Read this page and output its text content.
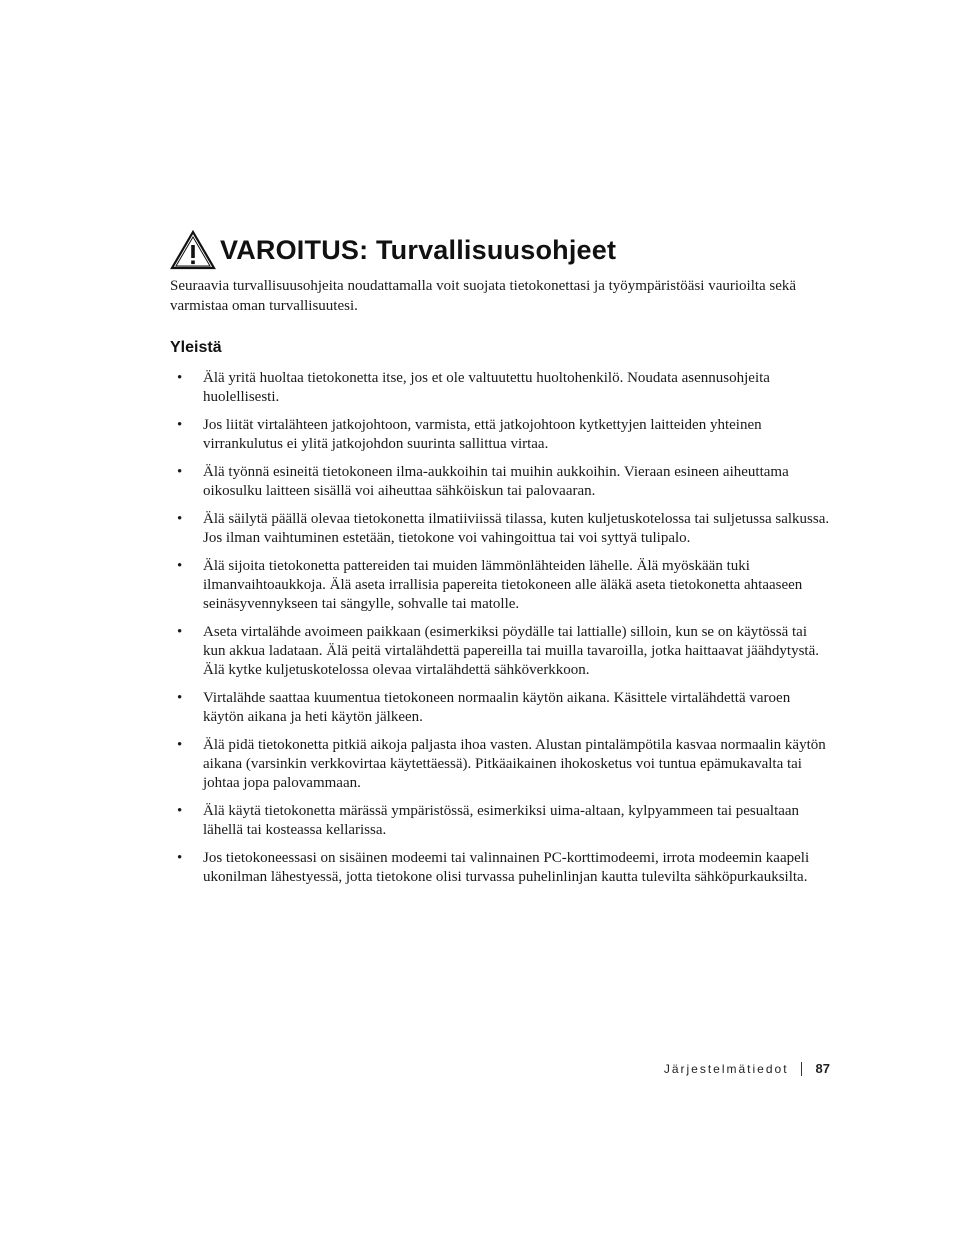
VAROITUS: Turvallisuusohjeet

Seuraavia turvallisuusohjeita noudattamalla voit suojata tietokonettasi ja työympäristöäsi vaurioilta sekä varmistaa oman turvallisuutesi.

Yleistä
• Älä yritä huoltaa tietokonetta itse, jos et ole valtuutettu huoltohenkilö. Noudata asennusohjeita huolellisesti.
• Jos liität virtalähteen jatkojohtoon, varmista, että jatkojohtoon kytkettyjen laitteiden yhteinen virrankulutus ei ylitä jatkojohdon suurinta sallittua virtaa.
• Älä työnnä esineitä tietokoneen ilma-aukkoihin tai muihin aukkoihin. Vieraan esineen aiheuttama oikosulku laitteen sisällä voi aiheuttaa sähköiskun tai palovaaran.
• Älä säilytä päällä olevaa tietokonetta ilmatiiviissä tilassa, kuten kuljetuskotelossa tai suljetussa salkussa. Jos ilman vaihtuminen estetään, tietokone voi vahingoittua tai voi syttyä tulipalo.
• Älä sijoita tietokonetta pattereiden tai muiden lämmönlähteiden lähelle. Älä myöskään tuki ilmanvaihtoaukkoja. Älä aseta irrallisia papereita tietokoneen alle äläkä aseta tietokonetta ahtaaseen seinäsyvennykseen tai sängylle, sohvalle tai matolle.
• Aseta virtalähde avoimeen paikkaan (esimerkiksi pöydälle tai lattialle) silloin, kun se on käytössä tai kun akkua ladataan. Älä peitä virtalähdettä papereilla tai muilla tavaroilla, jotka haittaavat jäähdytystä. Älä kytke kuljetuskotelossa olevaa virtalähdettä sähköverkkoon.
• Virtalähde saattaa kuumentua tietokoneen normaalin käytön aikana. Käsittele virtalähdettä varoen käytön aikana ja heti käytön jälkeen.
• Älä pidä tietokonetta pitkiä aikoja paljasta ihoa vasten. Alustan pintalämpötila kasvaa normaalin käytön aikana (varsinkin verkkovirtaa käytettäessä). Pitkäaikainen ihokosketus voi tuntua epämukavalta tai johtaa jopa palovammaan.
• Älä käytä tietokonetta märässä ympäristössä, esimerkiksi uima-altaan, kylpyammeen tai pesualtaan lähellä tai kosteassa kellarissa.
• Jos tietokoneessasi on sisäinen modeemi tai valinnainen PC-korttimodeemi, irrota modeemin kaapeli ukonilman lähestyessä, jotta tietokone olisi turvassa puhelinlinjan kautta tulevilta sähköpurkauksilta.
Järjestelmätiedot 87
